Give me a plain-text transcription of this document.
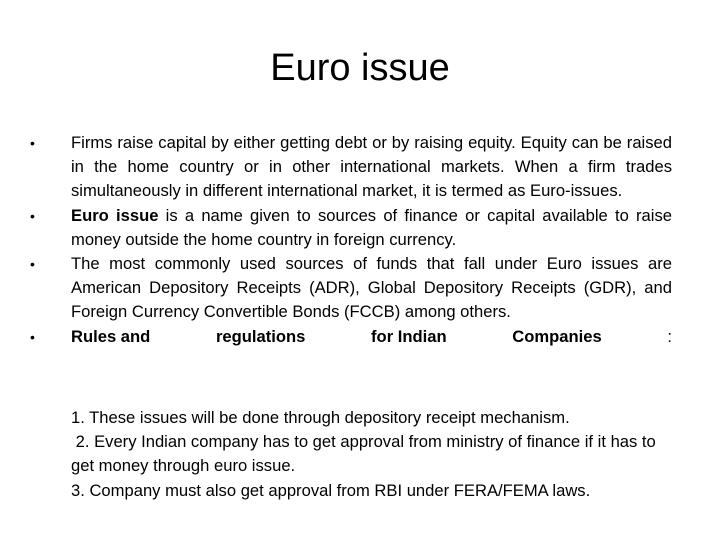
Euro issue
•	Firms raise capital by either getting debt or by raising equity. Equity can be raised in the home country or in other international markets. When a firm trades simultaneously in different international market, it is termed as Euro-issues.
•	Euro issue is a name given to sources of finance or capital available to raise money outside the home country in foreign currency.
•	The most commonly used sources of funds that fall under Euro issues are American Depository Receipts (ADR), Global Depository Receipts (GDR), and Foreign Currency Convertible Bonds (FCCB) among others.
•	Rules and	regulations	for Indian	Companies	:

1. These issues will be done through depository receipt mechanism.

2. Every Indian company has to get approval from ministry of finance if it has to get money through euro issue.

3. Company must also get approval from RBI under FERA/FEMA laws.
